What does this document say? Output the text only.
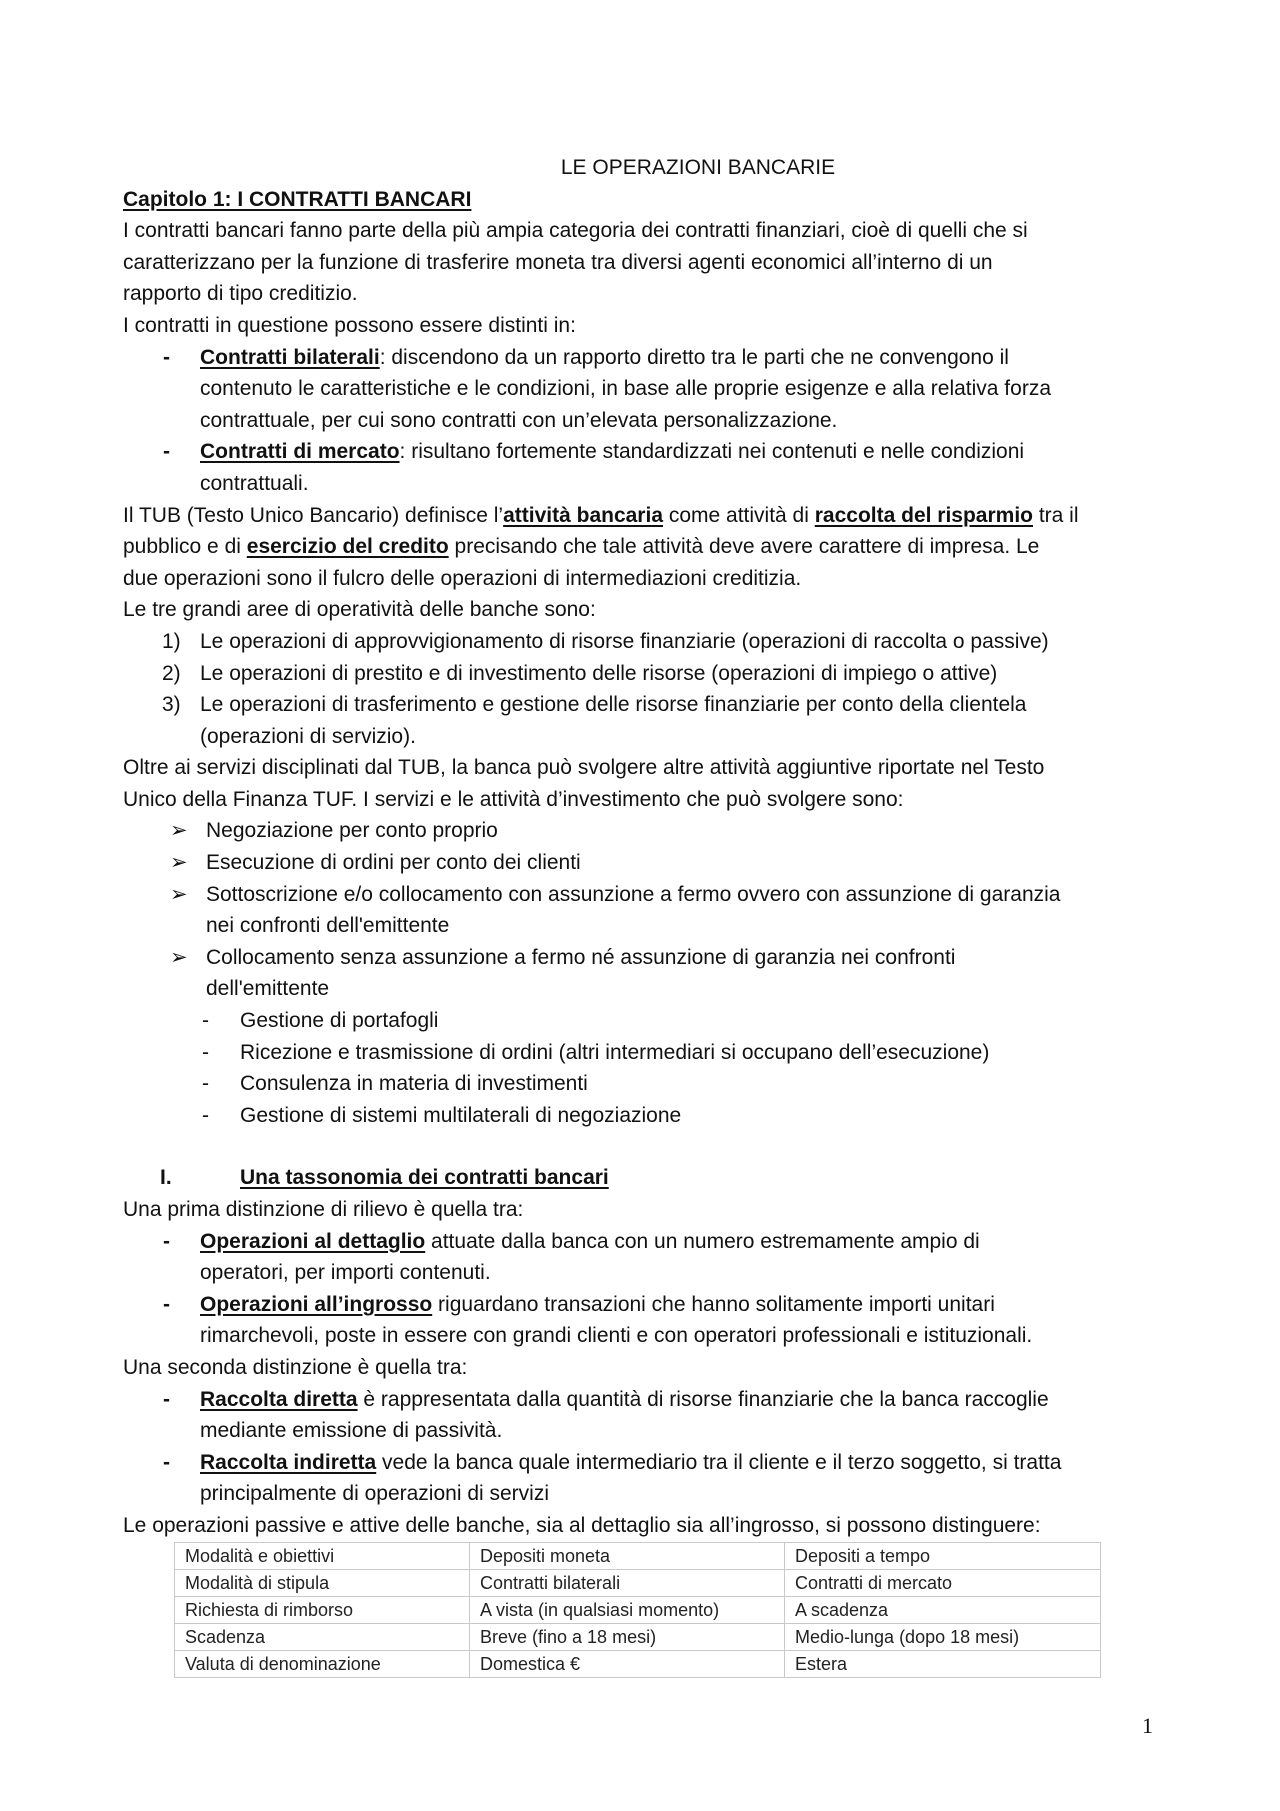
LE OPERAZIONI BANCARIE

Capitolo 1: I CONTRATTI BANCARI

I contratti bancari fanno parte della più ampia categoria dei contratti finanziari, cioè di quelli che si

caratterizzano per la funzione di trasferire moneta tra diversi agenti economici all’interno di un

rapporto di tipo creditizio.

I contratti in questione possono essere distinti in:

- Contratti bilaterali: discendono da un rapporto diretto tra le parti che ne convengono il

contenuto le caratteristiche e le condizioni, in base alle proprie esigenze e alla relativa forza

contrattuale, per cui sono contratti con un’elevata personalizzazione.

- Contratti di mercato: risultano fortemente standardizzati nei contenuti e nelle condizioni

contrattuali.

Il TUB (Testo Unico Bancario) definisce l’attività bancaria come attività di raccolta del risparmio tra il

pubblico e di esercizio del credito precisando che tale attività deve avere carattere di impresa. Le

due operazioni sono il fulcro delle operazioni di intermediazioni creditizia.

Le tre grandi aree di operatività delle banche sono:

1) Le operazioni di approvvigionamento di risorse finanziarie (operazioni di raccolta o passive)

2) Le operazioni di prestito e di investimento delle risorse (operazioni di impiego o attive)

3) Le operazioni di trasferimento e gestione delle risorse finanziarie per conto della clientela

(operazioni di servizio).

Oltre ai servizi disciplinati dal TUB, la banca può svolgere altre attività aggiuntive riportate nel Testo

Unico della Finanza TUF. I servizi e le attività d’investimento che può svolgere sono:

➢ Negoziazione per conto proprio

➢ Esecuzione di ordini per conto dei clienti

➢ Sottoscrizione e/o collocamento con assunzione a fermo ovvero con assunzione di garanzia

nei confronti dell'emittente

➢ Collocamento senza assunzione a fermo né assunzione di garanzia nei confronti

dell'emittente

- Gestione di portafogli

- Ricezione e trasmissione di ordini (altri intermediari si occupano dell’esecuzione)

- Consulenza in materia di investimenti

- Gestione di sistemi multilaterali di negoziazione

I.	Una tassonomia dei contratti bancari

Una prima distinzione di rilievo è quella tra:

- Operazioni al dettaglio attuate dalla banca con un numero estremamente ampio di

operatori, per importi contenuti.

- Operazioni all’ingrosso riguardano transazioni che hanno solitamente importi unitari

rimarchevoli, poste in essere con grandi clienti e con operatori professionali e istituzionali.

Una seconda distinzione è quella tra:

- Raccolta diretta è rappresentata dalla quantità di risorse finanziarie che la banca raccoglie

mediante emissione di passività.

- Raccolta indiretta vede la banca quale intermediario tra il cliente e il terzo soggetto, si tratta

principalmente di operazioni di servizi

Le operazioni passive e attive delle banche, sia al dettaglio sia all’ingrosso, si possono distinguere:

Modalità e obiettivi	Depositi moneta	Depositi a tempo
Modalità di stipula	Contratti bilaterali	Contratti di mercato
Richiesta di rimborso	A vista (in qualsiasi momento)	A scadenza
Scadenza	Breve (fino a 18 mesi)	Medio-lunga (dopo 18 mesi)
Valuta di denominazione	Domestica €	Estera
1
